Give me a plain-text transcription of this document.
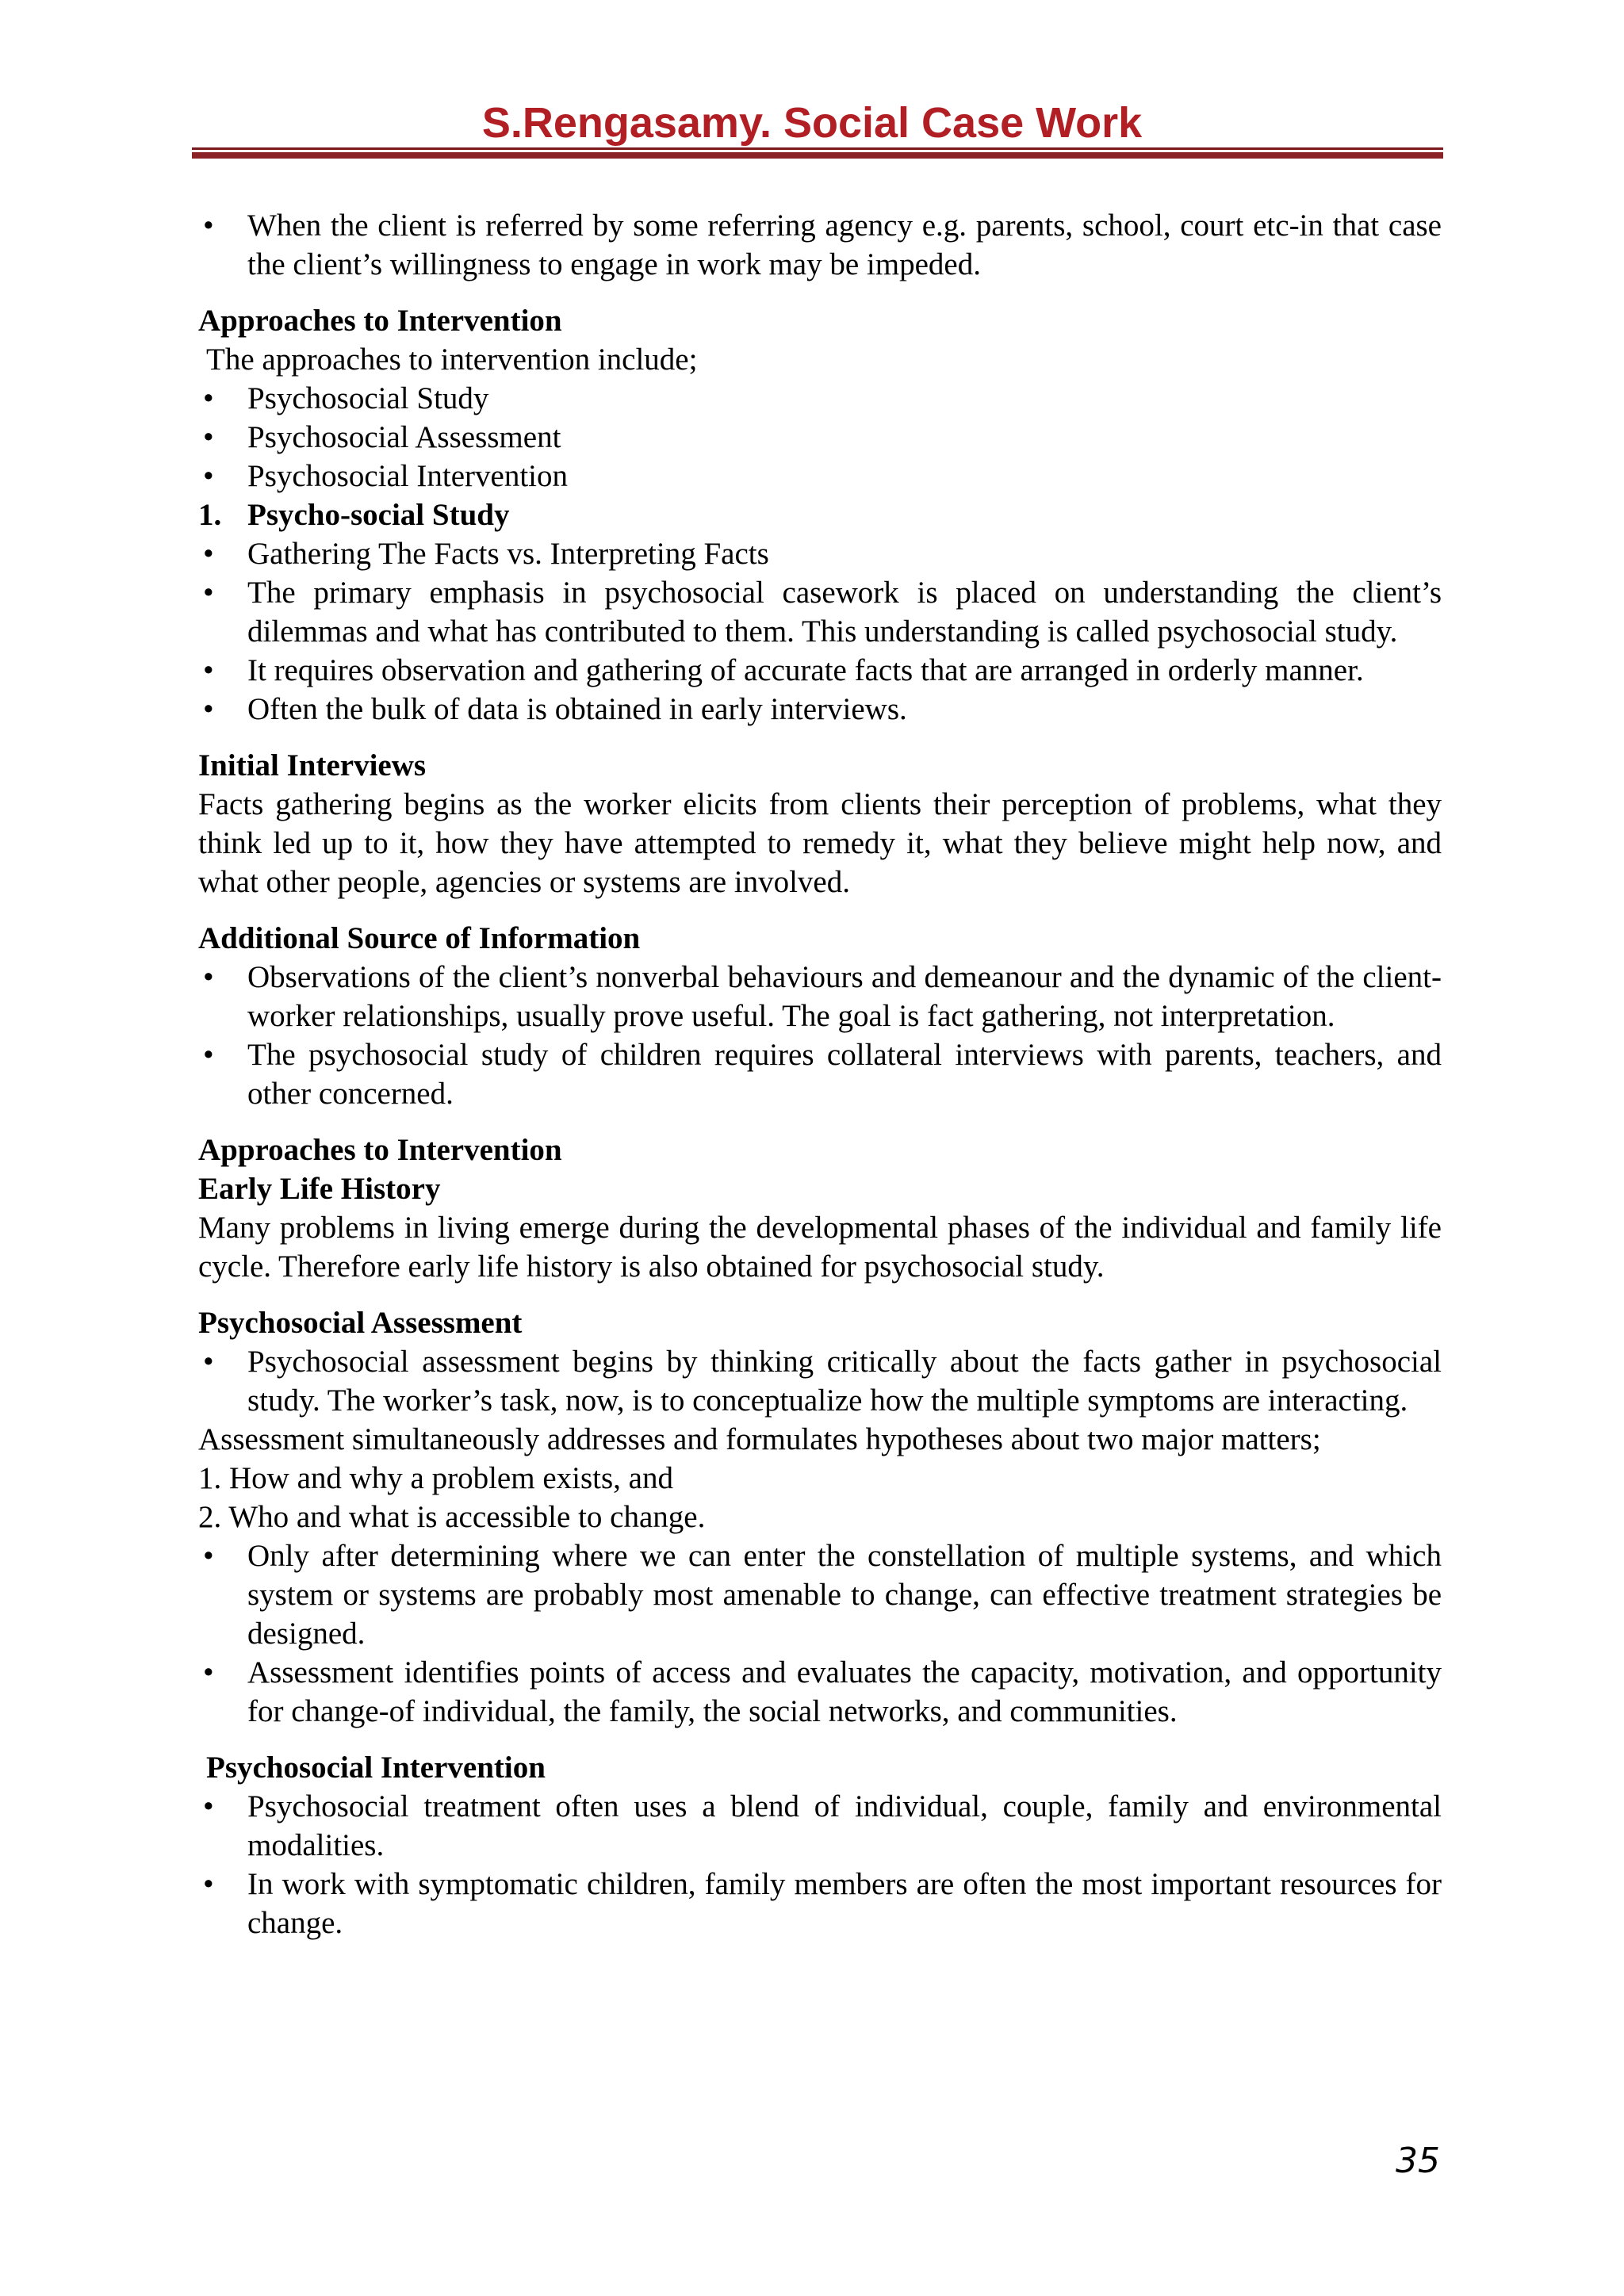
S.Rengasamy. Social Case Work
• When the client is referred by some referring agency e.g. parents, school, court etc-in that case the client’s willingness to engage in work may be impeded.

Approaches to Intervention

The approaches to intervention include;

• Psychosocial Study
• Psychosocial Assessment
• Psychosocial Intervention

1. Psycho-social Study

• Gathering The Facts vs. Interpreting Facts
• The primary emphasis in psychosocial casework is placed on understanding the client’s dilemmas and what has contributed to them. This understanding is called psychosocial study.
• It requires observation and gathering of accurate facts that are arranged in orderly manner.
• Often the bulk of data is obtained in early interviews.

Initial Interviews

Facts gathering begins as the worker elicits from clients their perception of problems, what they think led up to it, how they have attempted to remedy it, what they believe might help now, and what other people, agencies or systems are involved.

Additional Source of Information

• Observations of the client’s nonverbal behaviours and demeanour and the dynamic of the client-worker relationships, usually prove useful. The goal is fact gathering, not interpretation.
• The psychosocial study of children requires collateral interviews with parents, teachers, and other concerned.

Approaches to Intervention

Early Life History

Many problems in living emerge during the developmental phases of the individual and family life cycle. Therefore early life history is also obtained for psychosocial study.

Psychosocial Assessment

• Psychosocial assessment begins by thinking critically about the facts gather in psychosocial study. The worker’s task, now, is to conceptualize how the multiple symptoms are interacting.

Assessment simultaneously addresses and formulates hypotheses about two major matters;

1. How and why a problem exists, and

2. Who and what is accessible to change.

• Only after determining where we can enter the constellation of multiple systems, and which system or systems are probably most amenable to change, can effective treatment strategies be designed.
• Assessment identifies points of access and evaluates the capacity, motivation, and opportunity for change-of individual, the family, the social networks, and communities.

Psychosocial Intervention

• Psychosocial treatment often uses a blend of individual, couple, family and environmental modalities.
• In work with symptomatic children, family members are often the most important resources for change.
35
